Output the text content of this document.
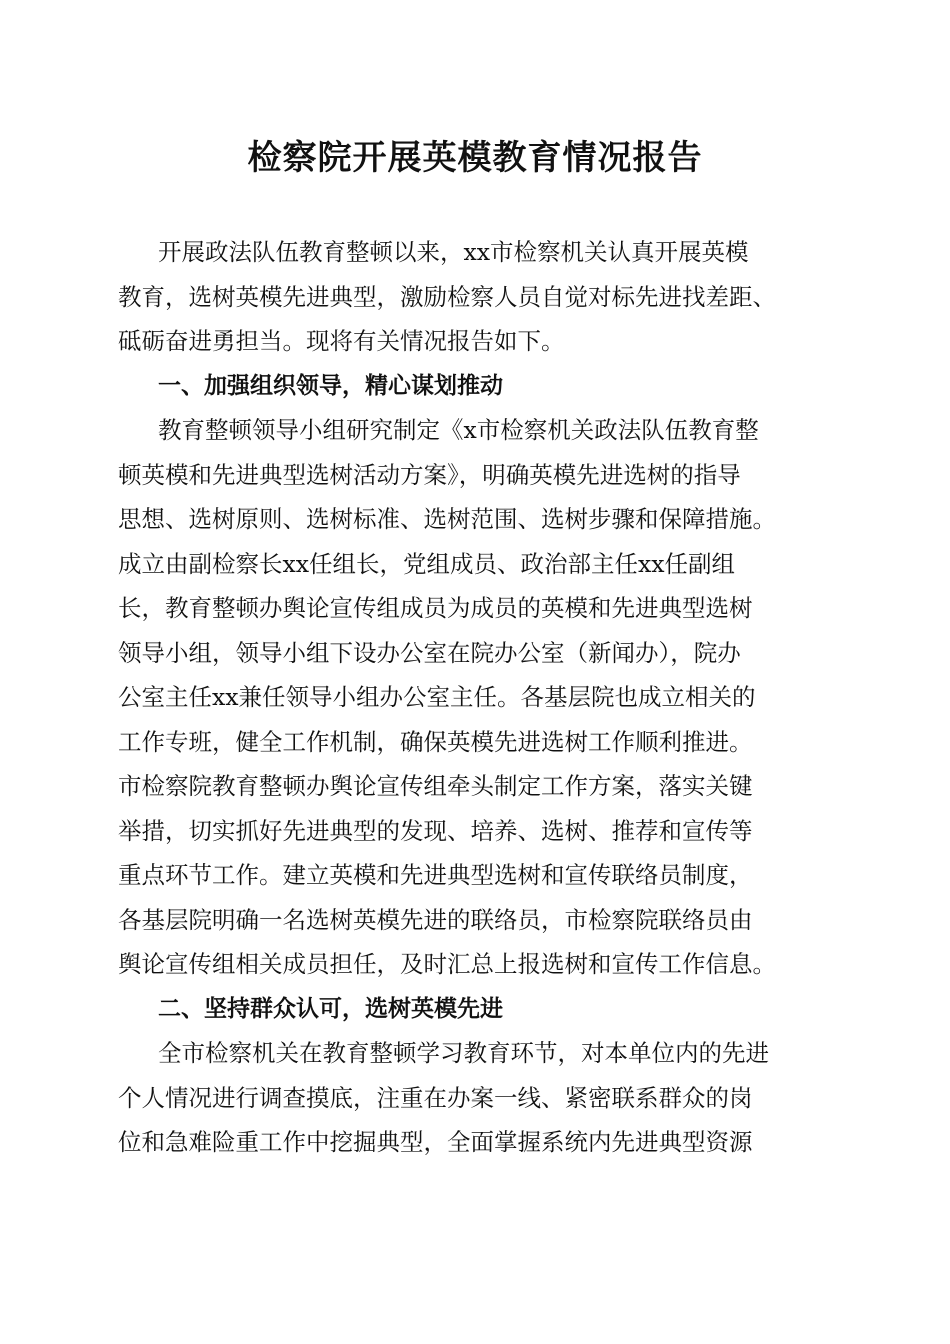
检察院开展英模教育情况报告
开展政法队伍教育整顿以来，xx市检察机关认真开展英模
教育，选树英模先进典型，激励检察人员自觉对标先进找差距、
砥砺奋进勇担当。现将有关情况报告如下。
一、加强组织领导，精心谋划推动
教育整顿领导小组研究制定《x市检察机关政法队伍教育整
顿英模和先进典型选树活动方案》，明确英模先进选树的指导
思想、选树原则、选树标准、选树范围、选树步骤和保障措施。
成立由副检察长xx任组长，党组成员、政治部主任xx任副组
长，教育整顿办舆论宣传组成员为成员的英模和先进典型选树
领导小组，领导小组下设办公室在院办公室（新闻办），院办
公室主任xx兼任领导小组办公室主任。各基层院也成立相关的
工作专班，健全工作机制，确保英模先进选树工作顺利推进。
市检察院教育整顿办舆论宣传组牵头制定工作方案，落实关键
举措，切实抓好先进典型的发现、培养、选树、推荐和宣传等
重点环节工作。建立英模和先进典型选树和宣传联络员制度，
各基层院明确一名选树英模先进的联络员，市检察院联络员由
舆论宣传组相关成员担任，及时汇总上报选树和宣传工作信息。
二、坚持群众认可，选树英模先进
全市检察机关在教育整顿学习教育环节，对本单位内的先进
个人情况进行调查摸底，注重在办案一线、紧密联系群众的岗
位和急难险重工作中挖掘典型，全面掌握系统内先进典型资源
